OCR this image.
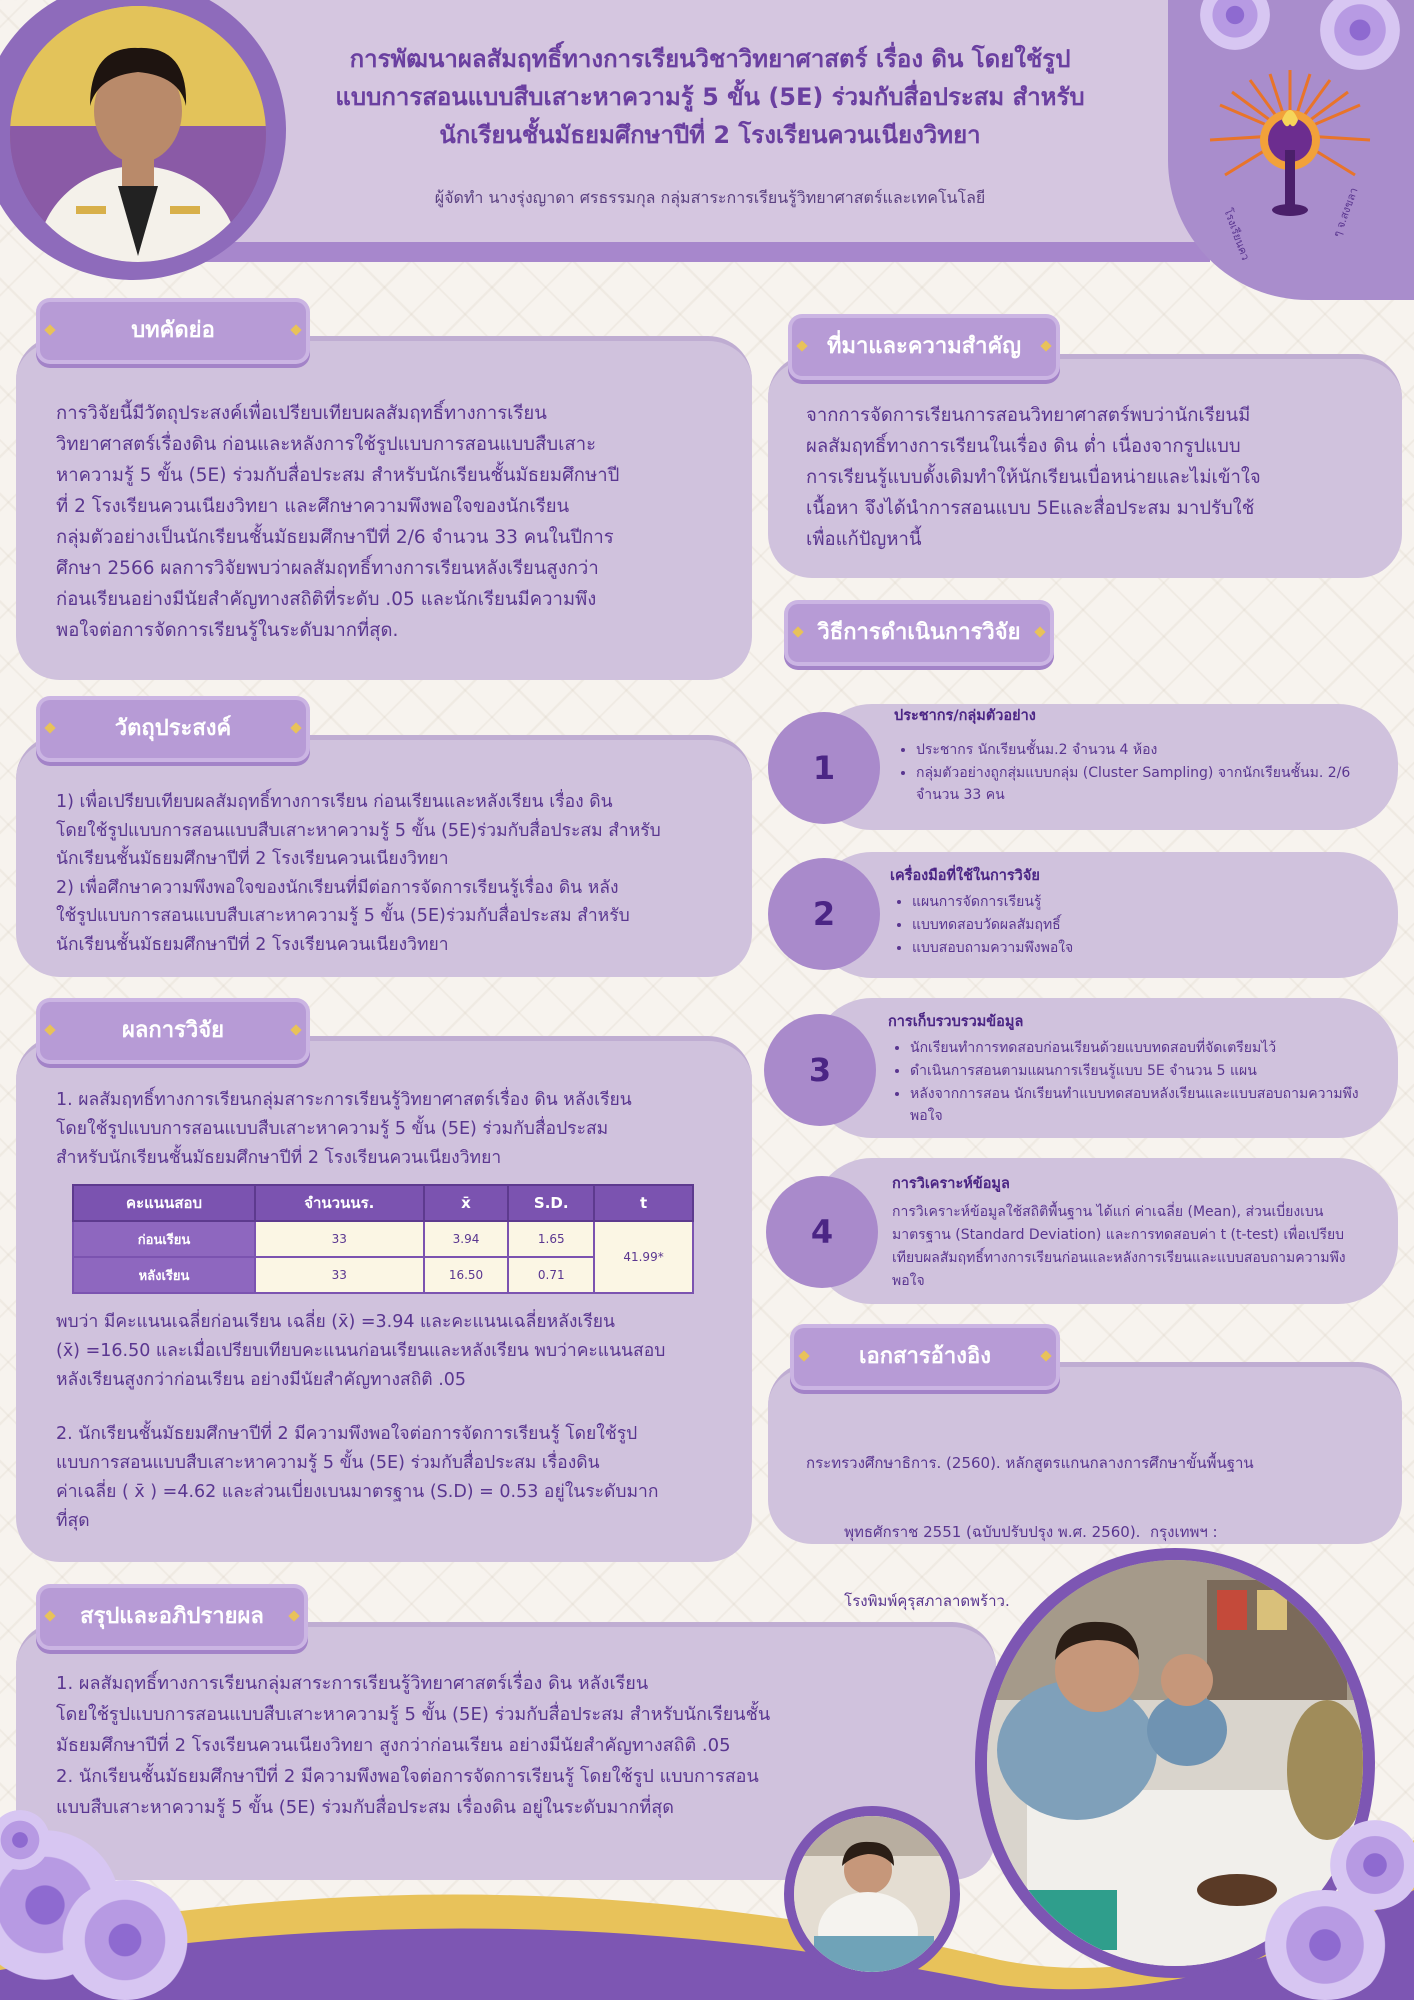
การพัฒนาผลสัมฤทธิ์ทางการเรียนวิชาวิทยาศาสตร์ เรื่อง ดิน โดยใช้รูป
แบบการสอนแบบสืบเสาะหาความรู้ 5 ขั้น (5E) ร่วมกับสื่อประสม สำหรับ
นักเรียนชั้นมัธยมศึกษาปีที่ 2 โรงเรียนควนเนียงวิทยา
ผู้จัดทำ นางรุ่งญาดา ศรธรรมกุล กลุ่มสาระการเรียนรู้วิทยาศาสตร์และเทคโนโลยี
โรงเรียนควน	ๆ จ.สงขลา
บทคัดย่อ
การวิจัยนี้มีวัตถุประสงค์เพื่อเปรียบเทียบผลสัมฤทธิ์ทางการเรียน
วิทยาศาสตร์เรื่องดิน ก่อนและหลังการใช้รูปแบบการสอนแบบสืบเสาะ
หาความรู้ 5 ขั้น (5E) ร่วมกับสื่อประสม สำหรับนักเรียนชั้นมัธยมศึกษาปี
ที่ 2 โรงเรียนควนเนียงวิทยา และศึกษาความพึงพอใจของนักเรียน
กลุ่มตัวอย่างเป็นนักเรียนชั้นมัธยมศึกษาปีที่ 2/6 จำนวน 33 คนในปีการ
ศึกษา 2566 ผลการวิจัยพบว่าผลสัมฤทธิ์ทางการเรียนหลังเรียนสูงกว่า
ก่อนเรียนอย่างมีนัยสำคัญทางสถิติที่ระดับ .05 และนักเรียนมีความพึง
พอใจต่อการจัดการเรียนรู้ในระดับมากที่สุด.
วัตถุประสงค์
1) เพื่อเปรียบเทียบผลสัมฤทธิ์ทางการเรียน ก่อนเรียนและหลังเรียน เรื่อง ดิน
โดยใช้รูปแบบการสอนแบบสืบเสาะหาความรู้ 5 ขั้น (5E)ร่วมกับสื่อประสม สำหรับ
นักเรียนชั้นมัธยมศึกษาปีที่ 2 โรงเรียนควนเนียงวิทยา
2) เพื่อศึกษาความพึงพอใจของนักเรียนที่มีต่อการจัดการเรียนรู้เรื่อง ดิน หลัง
ใช้รูปแบบการสอนแบบสืบเสาะหาความรู้ 5 ขั้น (5E)ร่วมกับสื่อประสม สำหรับ
นักเรียนชั้นมัธยมศึกษาปีที่ 2 โรงเรียนควนเนียงวิทยา
ผลการวิจัย
1. ผลสัมฤทธิ์ทางการเรียนกลุ่มสาระการเรียนรู้วิทยาศาสตร์เรื่อง ดิน หลังเรียน
โดยใช้รูปแบบการสอนแบบสืบเสาะหาความรู้ 5 ขั้น (5E) ร่วมกับสื่อประสม
สำหรับนักเรียนชั้นมัธยมศึกษาปีที่ 2 โรงเรียนควนเนียงวิทยา
คะแนนสอบ	จำนวนนร.	x̄	S.D.	t
ก่อนเรียน	33	3.94	1.65	41.99*
หลังเรียน	33	16.50	0.71	
พบว่า มีคะแนนเฉลี่ยก่อนเรียน เฉลี่ย (x̄) =3.94 และคะแนนเฉลี่ยหลังเรียน
(x̄) =16.50 และเมื่อเปรียบเทียบคะแนนก่อนเรียนและหลังเรียน พบว่าคะแนนสอบ
หลังเรียนสูงกว่าก่อนเรียน อย่างมีนัยสำคัญทางสถิติ .05
2. นักเรียนชั้นมัธยมศึกษาปีที่ 2 มีความพึงพอใจต่อการจัดการเรียนรู้ โดยใช้รูป
แบบการสอนแบบสืบเสาะหาความรู้ 5 ขั้น (5E) ร่วมกับสื่อประสม เรื่องดิน
ค่าเฉลี่ย ( x̄ ) =4.62 และส่วนเบี่ยงเบนมาตรฐาน (S.D) = 0.53 อยู่ในระดับมาก
ที่สุด
ที่มาและความสำคัญ
จากการจัดการเรียนการสอนวิทยาศาสตร์พบว่านักเรียนมี
ผลสัมฤทธิ์ทางการเรียนในเรื่อง ดิน ต่ำ เนื่องจากรูปแบบ
การเรียนรู้แบบดั้งเดิมทำให้นักเรียนเบื่อหน่ายและไม่เข้าใจ
เนื้อหา จึงได้นำการสอนแบบ 5Eและสื่อประสม มาปรับใช้
เพื่อแก้ปัญหานี้
วิธีการดำเนินการวิจัย
1
ประชากร/กลุ่มตัวอย่าง
• ประชากร นักเรียนชั้นม.2 จำนวน 4 ห้อง
• กลุ่มตัวอย่างถูกสุ่มแบบกลุ่ม (Cluster Sampling) จากนักเรียนชั้นม. 2/6 จำนวน 33 คน
2
เครื่องมือที่ใช้ในการวิจัย
• แผนการจัดการเรียนรู้
• แบบทดสอบวัดผลสัมฤทธิ์
• แบบสอบถามความพึงพอใจ
3
การเก็บรวบรวมข้อมูล
• นักเรียนทำการทดสอบก่อนเรียนด้วยแบบทดสอบที่จัดเตรียมไว้
• ดำเนินการสอนตามแผนการเรียนรู้แบบ 5E จำนวน 5 แผน
• หลังจากการสอน นักเรียนทำแบบทดสอบหลังเรียนและแบบสอบถามความพึงพอใจ
4
การวิเคราะห์ข้อมูล
การวิเคราะห์ข้อมูลใช้สถิติพื้นฐาน ได้แก่ ค่าเฉลี่ย (Mean), ส่วนเบี่ยงเบนมาตรฐาน (Standard Deviation) และการทดสอบค่า t (t-test) เพื่อเปรียบเทียบผลสัมฤทธิ์ทางการเรียนก่อนและหลังการเรียนและแบบสอบถามความพึงพอใจ
เอกสารอ้างอิง

กระทรวงศึกษาธิการ. (2560). หลักสูตรแกนกลางการศึกษาขั้นพื้นฐาน

พุทธศักราช 2551 (ฉบับปรับปรุง พ.ศ. 2560).  กรุงเทพฯ :

โรงพิมพ์คุรุสภาลาดพร้าว.

สรุปและอภิปรายผล
1. ผลสัมฤทธิ์ทางการเรียนกลุ่มสาระการเรียนรู้วิทยาศาสตร์เรื่อง ดิน หลังเรียน
โดยใช้รูปแบบการสอนแบบสืบเสาะหาความรู้ 5 ขั้น (5E) ร่วมกับสื่อประสม สำหรับนักเรียนชั้น
มัธยมศึกษาปีที่ 2 โรงเรียนควนเนียงวิทยา สูงกว่าก่อนเรียน อย่างมีนัยสำคัญทางสถิติ .05
2. นักเรียนชั้นมัธยมศึกษาปีที่ 2 มีความพึงพอใจต่อการจัดการเรียนรู้ โดยใช้รูป แบบการสอน
แบบสืบเสาะหาความรู้ 5 ขั้น (5E) ร่วมกับสื่อประสม เรื่องดิน อยู่ในระดับมากที่สุด
